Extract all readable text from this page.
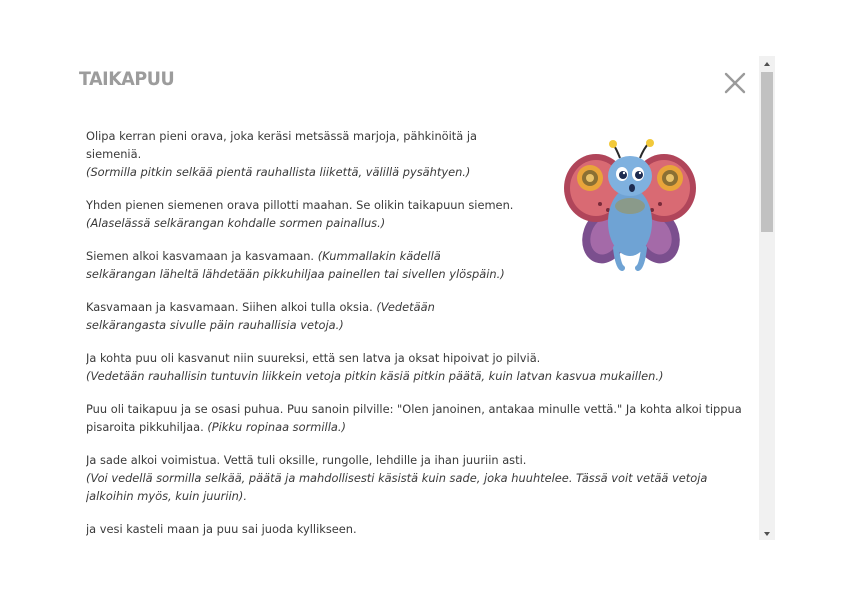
TAIKAPUU
Olipa kerran pieni orava, joka keräsi metsässä marjoja, pähkinöitä ja siemeniä.
(Sormilla pitkin selkää pientä rauhallista liikettä, välillä pysähtyen.)
Yhden pienen siemenen orava pillotti maahan. Se olikin taikapuun siemen.
(Alaselässä selkärangan kohdalle sormen painallus.)
Siemen alkoi kasvamaan ja kasvamaan. (Kummallakin kädellä selkärangan läheltä lähdetään pikkuhiljaa painellen tai sivellen ylöspäin.)
Kasvamaan ja kasvamaan. Siihen alkoi tulla oksia. (Vedetään selkärangasta sivulle päin rauhallisia vetoja.)
Ja kohta puu oli kasvanut niin suureksi, että sen latva ja oksat hipoivat jo pilviä.
(Vedetään rauhallisin tuntuvin liikkein vetoja pitkin käsiä pitkin päätä, kuin latvan kasvua mukaillen.)
Puu oli taikapuu ja se osasi puhua. Puu sanoin pilville: "Olen janoinen, antakaa minulle vettä." Ja kohta alkoi tippua pisaroita pikkuhiljaa. (Pikku ropinaa sormilla.)
Ja sade alkoi voimistua. Vettä tuli oksille, rungolle, lehdille ja ihan juuriin asti.
(Voi vedellä sormilla selkää, päätä ja mahdollisesti käsistä kuin sade, joka huuhtelee. Tässä voit vetää vetoja jalkoihin myös, kuin juuriin).
ja vesi kasteli maan ja puu sai juoda kyllikseen.
